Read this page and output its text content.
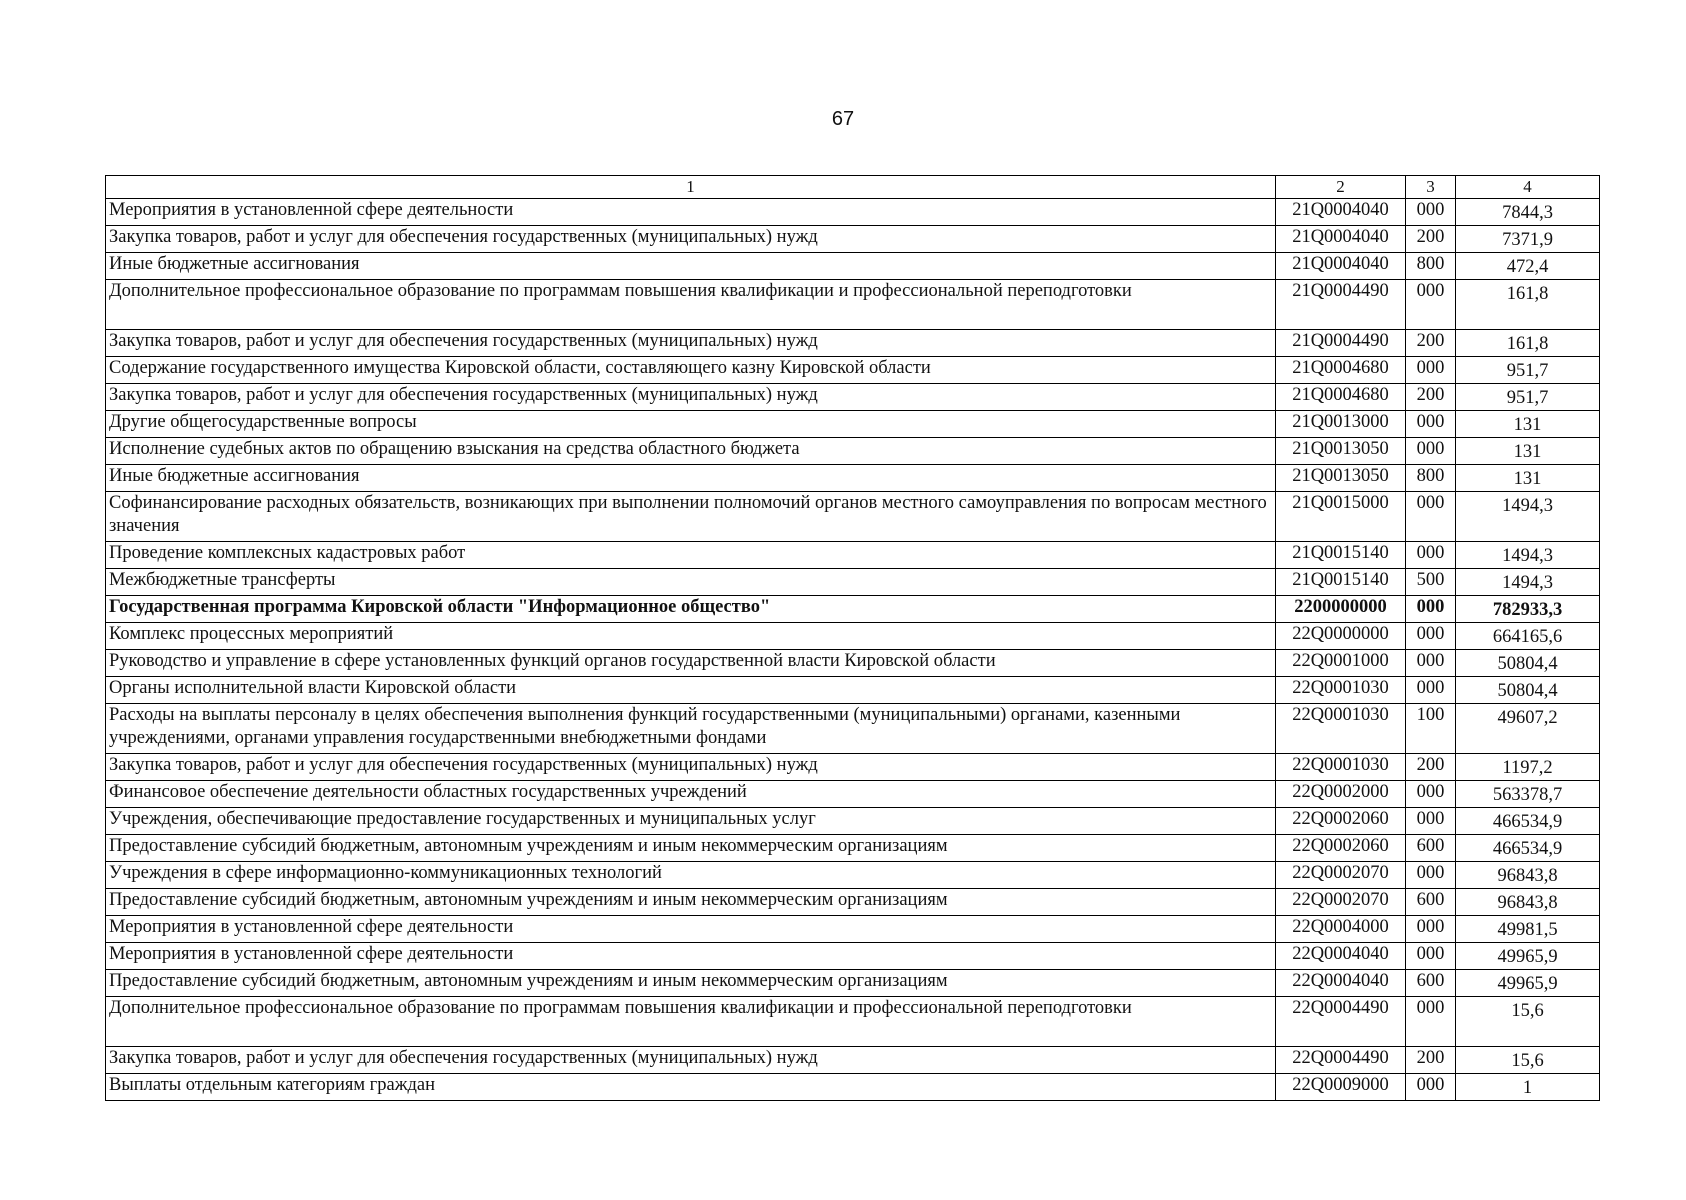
67
1	2	3	4
Мероприятия в установленной сфере деятельности	21Q0004040	000	7844,3
Закупка товаров, работ и услуг для обеспечения государственных (муниципальных) нужд	21Q0004040	200	7371,9
Иные бюджетные ассигнования	21Q0004040	800	472,4
Дополнительное профессиональное образование по программам повышения квалификации и профессиональной переподготовки	21Q0004490	000	161,8
Закупка товаров, работ и услуг для обеспечения государственных (муниципальных) нужд	21Q0004490	200	161,8
Содержание государственного имущества Кировской области, составляющего казну Кировской области	21Q0004680	000	951,7
Закупка товаров, работ и услуг для обеспечения государственных (муниципальных) нужд	21Q0004680	200	951,7
Другие общегосударственные вопросы	21Q0013000	000	131
Исполнение судебных актов по обращению взыскания на средства областного бюджета	21Q0013050	000	131
Иные бюджетные ассигнования	21Q0013050	800	131
Софинансирование расходных обязательств, возникающих при выполнении полномочий органов местного самоуправления по вопросам местного значения	21Q0015000	000	1494,3
Проведение комплексных кадастровых работ	21Q0015140	000	1494,3
Межбюджетные трансферты	21Q0015140	500	1494,3
Государственная программа Кировской области "Информационное общество"	2200000000	000	782933,3
Комплекс процессных мероприятий	22Q0000000	000	664165,6
Руководство и управление в сфере установленных функций органов государственной власти Кировской области	22Q0001000	000	50804,4
Органы исполнительной власти Кировской области	22Q0001030	000	50804,4
Расходы на выплаты персоналу в целях обеспечения выполнения функций государственными (муниципальными) органами, казенными учреждениями, органами управления государственными внебюджетными фондами	22Q0001030	100	49607,2
Закупка товаров, работ и услуг для обеспечения государственных (муниципальных) нужд	22Q0001030	200	1197,2
Финансовое обеспечение деятельности областных государственных учреждений	22Q0002000	000	563378,7
Учреждения, обеспечивающие предоставление государственных и муниципальных услуг	22Q0002060	000	466534,9
Предоставление субсидий бюджетным, автономным учреждениям и иным некоммерческим организациям	22Q0002060	600	466534,9
Учреждения в сфере информационно-коммуникационных технологий	22Q0002070	000	96843,8
Предоставление субсидий бюджетным, автономным учреждениям и иным некоммерческим организациям	22Q0002070	600	96843,8
Мероприятия в установленной сфере деятельности	22Q0004000	000	49981,5
Мероприятия в установленной сфере деятельности	22Q0004040	000	49965,9
Предоставление субсидий бюджетным, автономным учреждениям и иным некоммерческим организациям	22Q0004040	600	49965,9
Дополнительное профессиональное образование по программам повышения квалификации и профессиональной переподготовки	22Q0004490	000	15,6
Закупка товаров, работ и услуг для обеспечения государственных (муниципальных) нужд	22Q0004490	200	15,6
Выплаты отдельным категориям граждан	22Q0009000	000	1
